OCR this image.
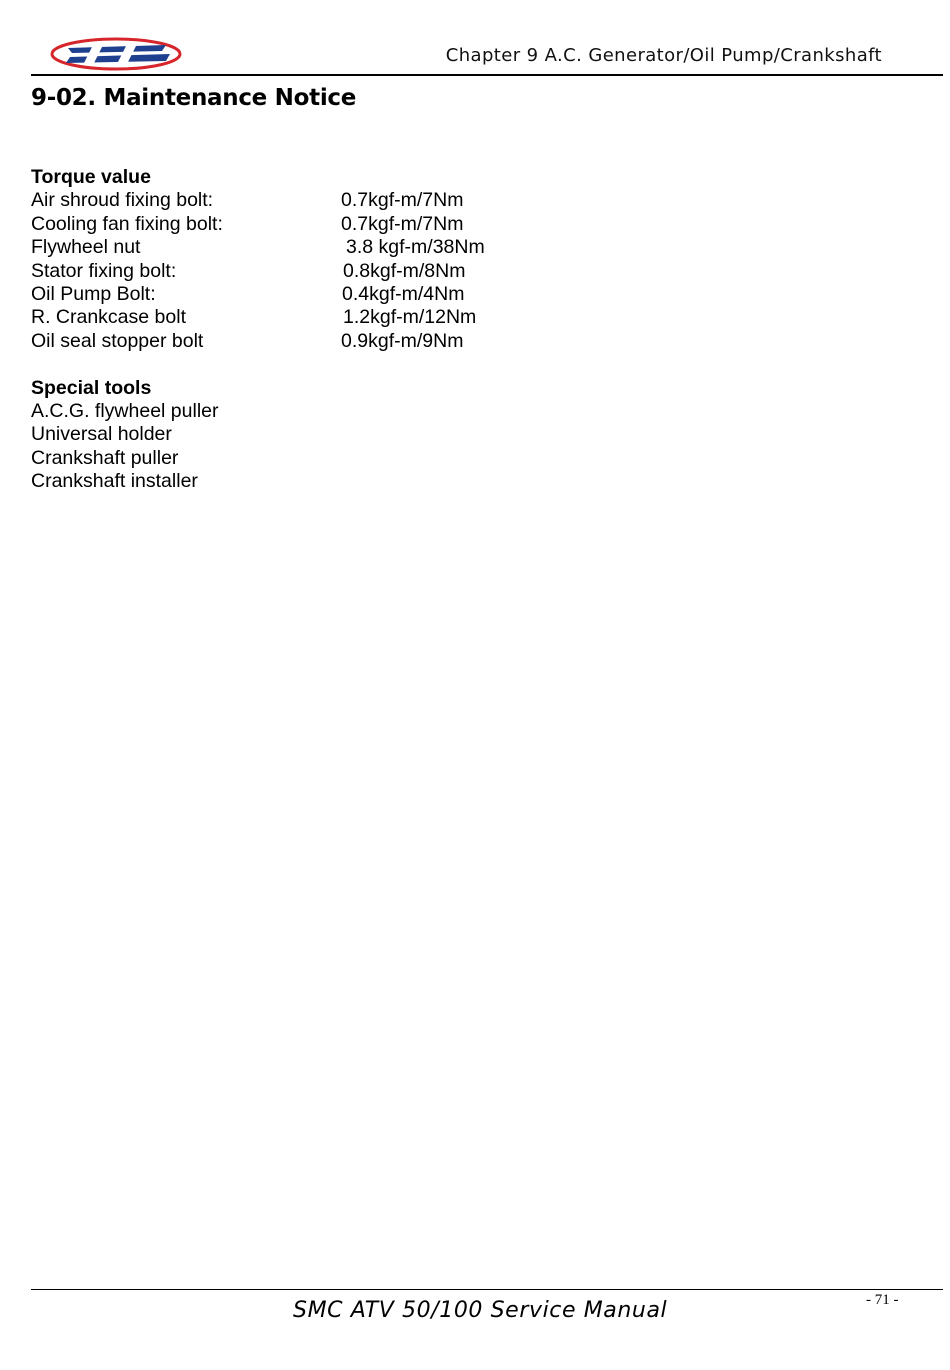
Chapter 9 A.C. Generator/Oil Pump/Crankshaft
9-02. Maintenance Notice

Torque value

Air shroud fixing bolt:	0.7kgf-m/7Nm
Cooling fan fixing bolt:	0.7kgf-m/7Nm
Flywheel nut	3.8 kgf-m/38Nm
Stator fixing bolt:	0.8kgf-m/8Nm
Oil Pump Bolt:	0.4kgf-m/4Nm
R. Crankcase bolt	1.2kgf-m/12Nm
Oil seal stopper bolt	0.9kgf-m/9Nm

Special tools

A.C.G. flywheel puller

Universal holder

Crankshaft puller

Crankshaft installer

- 71 -
SMC ATV 50/100 Service Manual
